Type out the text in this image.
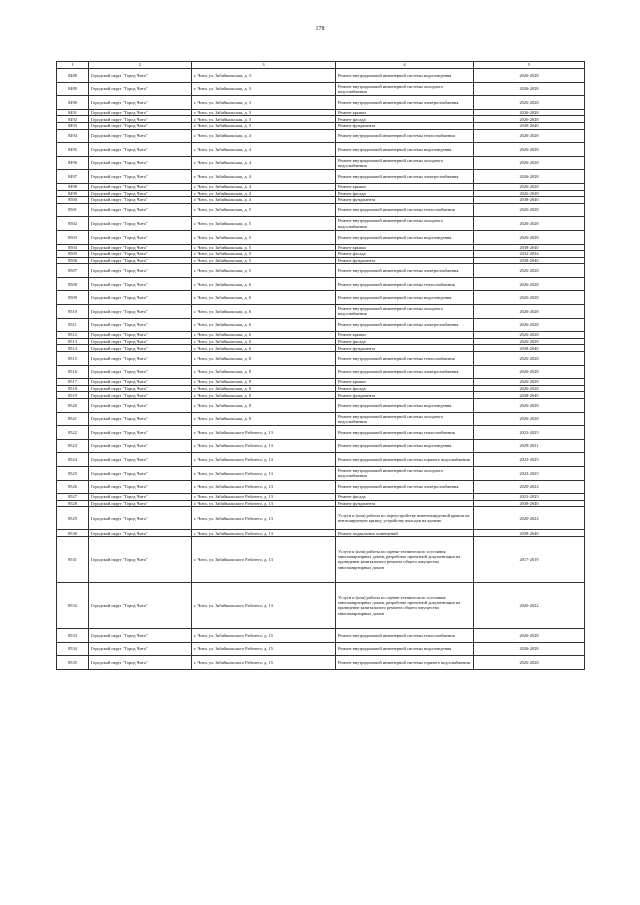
178
1	2	3	4	5
8488	Городской округ "Город Чита"	г. Чита, ул. Забайкальская, д. 3	Ремонт внутридомовой инженерной системы водоотведения	2026-2028
8489	Городской округ "Город Чита"	г. Чита, ул. Забайкальская, д. 3	Ремонт внутридомовой инженерной системы холодного водоснабжения	2026-2028
8490	Городской округ "Город Чита"	г. Чита, ул. Забайкальская, д. 3	Ремонт внутридомовой инженерной системы электроснабжения	2026-2028
8491	Городской округ "Город Чита"	г. Чита, ул. Забайкальская, д. 3	Ремонт крыши	2026-2028
8492	Городской округ "Город Чита"	г. Чита, ул. Забайкальская, д. 3	Ремонт фасада	2026-2028
8493	Городской округ "Город Чита"	г. Чита, ул. Забайкальская, д. 3	Ремонт фундамента	2038-2040
8494	Городской округ "Город Чита"	г. Чита, ул. Забайкальская, д. 4	Ремонт внутридомовой инженерной системы теплоснабжения	2026-2028
8495	Городской округ "Город Чита"	г. Чита, ул. Забайкальская, д. 4	Ремонт внутридомовой инженерной системы водоотведения	2026-2028
8496	Городской округ "Город Чита"	г. Чита, ул. Забайкальская, д. 4	Ремонт внутридомовой инженерной системы холодного водоснабжения	2026-2028
8497	Городской округ "Город Чита"	г. Чита, ул. Забайкальская, д. 4	Ремонт внутридомовой инженерной системы электроснабжения	2026-2028
8498	Городской округ "Город Чита"	г. Чита, ул. Забайкальская, д. 4	Ремонт крыши	2026-2028
8499	Городской округ "Город Чита"	г. Чита, ул. Забайкальская, д. 4	Ремонт фасада	2026-2028
8500	Городской округ "Город Чита"	г. Чита, ул. Забайкальская, д. 4	Ремонт фундамента	2038-2040
8501	Городской округ "Город Чита"	г. Чита, ул. Забайкальская, д. 5	Ремонт внутридомовой инженерной системы теплоснабжения	2026-2028
8502	Городской округ "Город Чита"	г. Чита, ул. Забайкальская, д. 5	Ремонт внутридомовой инженерной системы холодного водоснабжения	2026-2028
8503	Городской округ "Город Чита"	г. Чита, ул. Забайкальская, д. 5	Ремонт внутридомовой инженерной системы водоотведения	2026-2028
8504	Городской округ "Город Чита"	г. Чита, ул. Забайкальская, д. 5	Ремонт крыши	2038-2040
8505	Городской округ "Город Чита"	г. Чита, ул. Забайкальская, д. 5	Ремонт фасада	2032-2034
8506	Городской округ "Город Чита"	г. Чита, ул. Забайкальская, д. 5	Ремонт фундамента	2038-2040
8507	Городской округ "Город Чита"	г. Чита, ул. Забайкальская, д. 5	Ремонт внутридомовой инженерной системы электроснабжения	2026-2028
8508	Городской округ "Город Чита"	г. Чита, ул. Забайкальская, д. 6	Ремонт внутридомовой инженерной системы теплоснабжения	2026-2028
8509	Городской округ "Город Чита"	г. Чита, ул. Забайкальская, д. 6	Ремонт внутридомовой инженерной системы водоотведения	2026-2028
8510	Городской округ "Город Чита"	г. Чита, ул. Забайкальская, д. 6	Ремонт внутридомовой инженерной системы холодного водоснабжения	2026-2028
8511	Городской округ "Город Чита"	г. Чита, ул. Забайкальская, д. 6	Ремонт внутридомовой инженерной системы электроснабжения	2026-2028
8512	Городской округ "Город Чита"	г. Чита, ул. Забайкальская, д. 6	Ремонт крыши	2026-2028
8513	Городской округ "Город Чита"	г. Чита, ул. Забайкальская, д. 6	Ремонт фасада	2026-2028
8514	Городской округ "Город Чита"	г. Чита, ул. Забайкальская, д. 6	Ремонт фундамента	2038-2040
8515	Городской округ "Город Чита"	г. Чита, ул. Забайкальская, д. 8	Ремонт внутридомовой инженерной системы теплоснабжения	2026-2028
8516	Городской округ "Город Чита"	г. Чита, ул. Забайкальская, д. 8	Ремонт внутридомовой инженерной системы электроснабжения	2026-2028
8517	Городской округ "Город Чита"	г. Чита, ул. Забайкальская, д. 8	Ремонт крыши	2026-2028
8518	Городской округ "Город Чита"	г. Чита, ул. Забайкальская, д. 8	Ремонт фасада	2026-2028
8519	Городской округ "Город Чита"	г. Чита, ул. Забайкальская, д. 8	Ремонт фундамента	2038-2040
8520	Городской округ "Город Чита"	г. Чита, ул. Забайкальская, д. 8	Ремонт внутридомовой инженерной системы водоотведения	2026-2028
8521	Городской округ "Город Чита"	г. Чита, ул. Забайкальская, д. 8	Ремонт внутридомовой инженерной системы холодного водоснабжения	2026-2028
8522	Городской округ "Город Чита"	г. Чита, ул. Забайкальского Рабочего, д. 13	Ремонт внутридомовой инженерной системы теплоснабжения	2023-2025
8523	Городской округ "Город Чита"	г. Чита, ул. Забайкальского Рабочего, д. 13	Ремонт внутридомовой инженерной системы водоотведения	2029-2031
8524	Городской округ "Город Чита"	г. Чита, ул. Забайкальского Рабочего, д. 13	Ремонт внутридомовой инженерной системы горячего водоснабжения	2023-2025
8525	Городской округ "Город Чита"	г. Чита, ул. Забайкальского Рабочего, д. 13	Ремонт внутридомовой инженерной системы холодного водоснабжения	2023-2025
8526	Городской округ "Город Чита"	г. Чита, ул. Забайкальского Рабочего, д. 13	Ремонт внутридомовой инженерной системы электроснабжения	2020-2022
8527	Городской округ "Город Чита"	г. Чита, ул. Забайкальского Рабочего, д. 13	Ремонт фасада	2023-2025
8528	Городской округ "Город Чита"	г. Чита, ул. Забайкальского Рабочего, д. 13	Ремонт фундамента	2038-2040
8529	Городской округ "Город Чита"	г. Чита, ул. Забайкальского Рабочего, д. 13	Услуги и (или) работы по переустройству невентилируемой крыши на вентилируемую крышу, устройству выходов на кровлю	2020-2022
8530	Городской округ "Город Чита"	г. Чита, ул. Забайкальского Рабочего, д. 13	Ремонт подвальных помещений	2038-2040
8531	Городской округ "Город Чита"	г. Чита, ул. Забайкальского Рабочего, д. 13	Услуги и (или) работы по оценке технического состояния многоквартирных домов, разработке проектной документации на проведение капитального ремонта общего имущества многоквартирных домов	2017-2019
8532	Городской округ "Город Чита"	г. Чита, ул. Забайкальского Рабочего, д. 13	Услуги и (или) работы по оценке технического состояния многоквартирных домов, разработке проектной документации на проведение капитального ремонта общего имущества многоквартирных домов	2020-2022
8533	Городской округ "Город Чита"	г. Чита, ул. Забайкальского Рабочего, д. 15	Ремонт внутридомовой инженерной системы теплоснабжения	2026-2028
8534	Городской округ "Город Чита"	г. Чита, ул. Забайкальского Рабочего, д. 15	Ремонт внутридомовой инженерной системы водоотведения	2026-2028
8535	Городской округ "Город Чита"	г. Чита, ул. Забайкальского Рабочего, д. 15	Ремонт внутридомовой инженерной системы горячего водоснабжения	2026-2028
